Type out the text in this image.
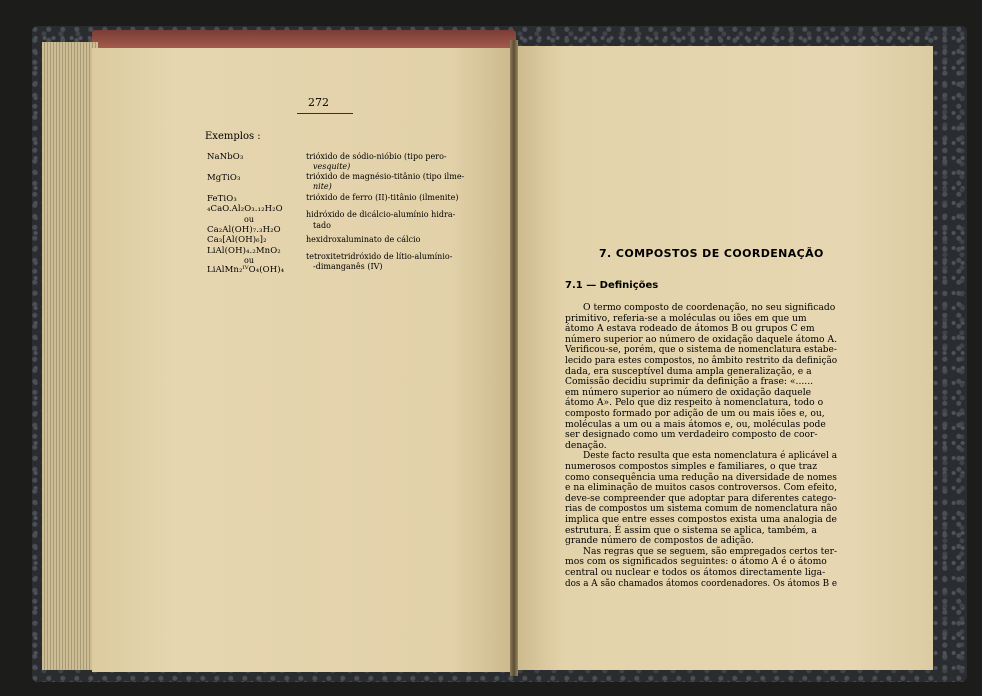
272
Exemplos :
NaNbO₃
MgTiO₃
FeTiO₃
₄CaO.Al₂O₃.₁₂H₂O
ou
Ca₂Al(OH)₇.₃H₂O
Ca₃[Al(OH)₆]₂
LiAl(OH)₄.₂MnO₂
ou
LiAlMn₂ᴵⱽO₄(OH)₄
trióxido de sódio-nióbio (tipo pero-
vesquite)
trióxido de magnésio-titânio (tipo ilme-
nite)
trióxido de ferro (II)-titânio (ilmenite)
hidróxido de dicálcio-alumínio hidra-
tado
hexidroxaluminato de cálcio
tetroxitetridróxido de lítio-alumínio-
-dimanganês (IV)
7. COMPOSTOS DE COORDENAÇÃO
7.1 — Definições
O termo composto de coordenação, no seu significado
primitivo, referia-se a moléculas ou iões em que um
átomo A estava rodeado de átomos B ou grupos C em
número superior ao número de oxidação daquele átomo A.
Verificou-se, porém, que o sistema de nomenclatura estabe-
lecido para estes compostos, no âmbito restrito da definição
dada, era susceptível duma ampla generalização, e a
Comissão decidiu suprimir da definição a frase: «......
em número superior ao número de oxidação daquele
átomo A». Pelo que diz respeito à nomenclatura, todo o
composto formado por adição de um ou mais iões e, ou,
moléculas a um ou a mais átomos e, ou, moléculas pode
ser designado como um verdadeiro composto de coor-
denação.
Deste facto resulta que esta nomenclatura é aplicável a
numerosos compostos simples e familiares, o que traz
como consequência uma redução na diversidade de nomes
e na eliminação de muitos casos controversos. Com efeito,
deve-se compreender que adoptar para diferentes catego-
rias de compostos um sistema comum de nomenclatura não
implica que entre esses compostos exista uma analogia de
estrutura. É assim que o sistema se aplica, também, a
grande número de compostos de adição.
Nas regras que se seguem, são empregados certos ter-
mos com os significados seguintes: o átomo A é o átomo
central ou nuclear e todos os átomos directamente liga-
dos a A são chamados átomos coordenadores. Os átomos B e
